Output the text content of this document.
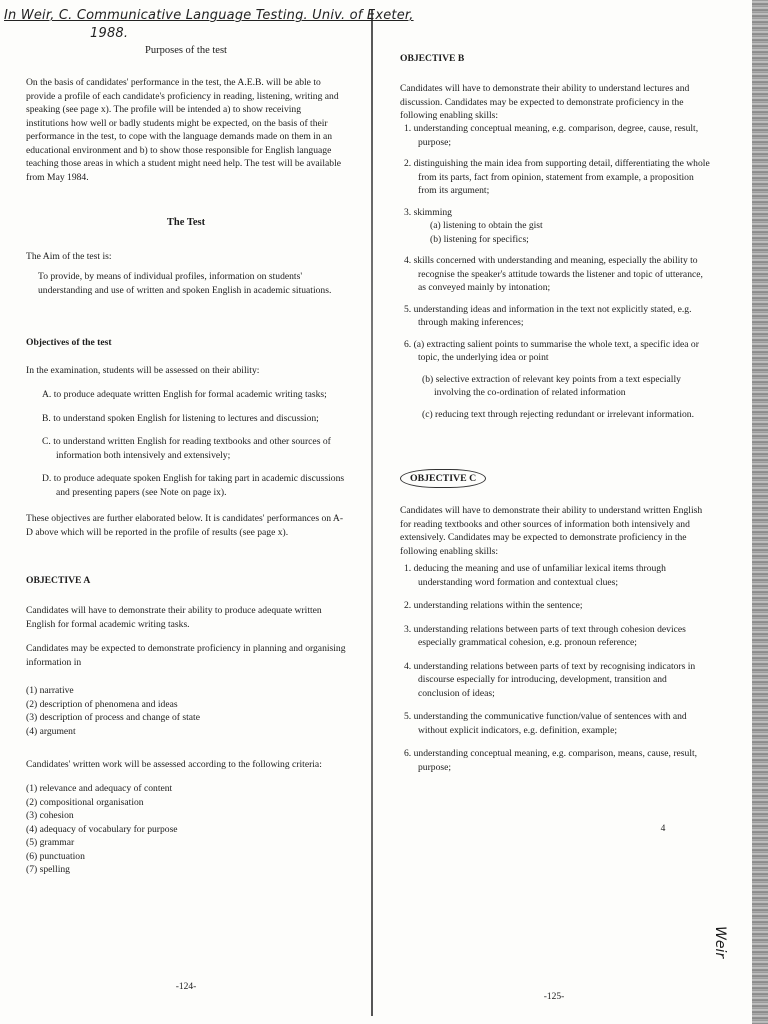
In Weir, C. Communicative Language Testing. Univ. of Exeter,
1988.
Weir

Purposes of the test

On the basis of candidates' performance in the test, the A.E.B. will be able to provide a profile of each candidate's proficiency in reading, listening, writing and speaking (see page x). The profile will be intended a) to show receiving institutions how well or badly students might be expected, on the basis of their performance in the test, to cope with the language demands made on them in an educational environment and b) to show those responsible for English language teaching those areas in which a student might need help. The test will be available from May 1984.

The Test

The Aim of the test is:

To provide, by means of individual profiles, information on students' understanding and use of written and spoken English in academic situations.

Objectives of the test

In the examination, students will be assessed on their ability:

A. to produce adequate written English for formal academic writing tasks;
B. to understand spoken English for listening to lectures and discussion;
C. to understand written English for reading textbooks and other sources of information both intensively and extensively;
D. to produce adequate spoken English for taking part in academic discussions and presenting papers (see Note on page ix).

These objectives are further elaborated below. It is candidates' performances on A-D above which will be reported in the profile of results (see page x).

OBJECTIVE A

Candidates will have to demonstrate their ability to produce adequate written English for formal academic writing tasks.

Candidates may be expected to demonstrate proficiency in planning and organising information in

(1) narrative
(2) description of phenomena and ideas
(3) description of process and change of state
(4) argument

Candidates' written work will be assessed according to the following criteria:

(1) relevance and adequacy of content
(2) compositional organisation
(3) cohesion
(4) adequacy of vocabulary for purpose
(5) grammar
(6) punctuation
(7) spelling
-124-

OBJECTIVE B

Candidates will have to demonstrate their ability to understand lectures and discussion. Candidates may be expected to demonstrate proficiency in the following enabling skills:

1. understanding conceptual meaning, e.g. comparison, degree, cause, result, purpose;
2. distinguishing the main idea from supporting detail, differentiating the whole from its parts, fact from opinion, statement from example, a proposition from its argument;
3. skimming
(a) listening to obtain the gist
(b) listening for specifics;
4. skills concerned with understanding and meaning, especially the ability to recognise the speaker's attitude towards the listener and topic of utterance, as conveyed mainly by intonation;
5. understanding ideas and information in the text not explicitly stated, e.g. through making inferences;
6. (a) extracting salient points to summarise the whole text, a specific idea or topic, the underlying idea or point
(b) selective extraction of relevant key points from a text especially involving the co-ordination of related information
(c) reducing text through rejecting redundant or irrelevant information.
OBJECTIVE C

Candidates will have to demonstrate their ability to understand written English for reading textbooks and other sources of information both intensively and extensively. Candidates may be expected to demonstrate proficiency in the following enabling skills:

1. deducing the meaning and use of unfamiliar lexical items through understanding word formation and contextual clues;
2. understanding relations within the sentence;
3. understanding relations between parts of text through cohesion devices especially grammatical cohesion, e.g. pronoun reference;
4. understanding relations between parts of text by recognising indicators in discourse especially for introducing, development, transition and conclusion of ideas;
5. understanding the communicative function/value of sentences with and without explicit indicators, e.g. definition, example;
6. understanding conceptual meaning, e.g. comparison, means, cause, result, purpose;
4
-125-
